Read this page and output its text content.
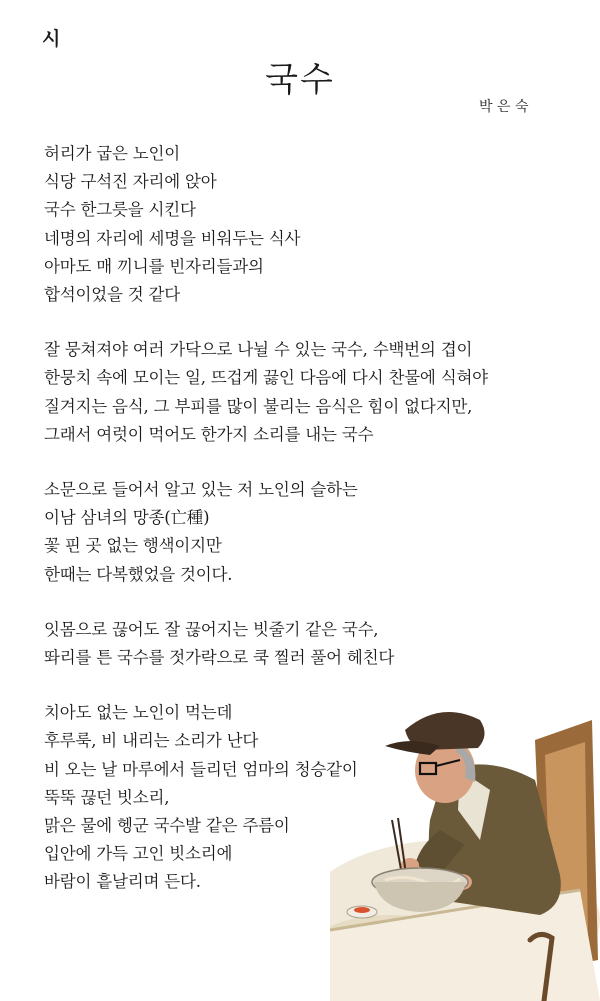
시
국수
박 은 숙
허리가 굽은 노인이
식당 구석진 자리에 앉아
국수 한그릇을 시킨다
네명의 자리에 세명을 비워두는 식사
아마도 매 끼니를 빈자리들과의
합석이었을 것 같다
잘 뭉쳐져야 여러 가닥으로 나뉠 수 있는 국수, 수백번의 겹이
한뭉치 속에 모이는 일, 뜨겁게 끓인 다음에 다시 찬물에 식혀야
질겨지는 음식, 그 부피를 많이 불리는 음식은 힘이 없다지만,
그래서 여럿이 먹어도 한가지 소리를 내는 국수
소문으로 들어서 알고 있는 저 노인의 슬하는
이남 삼녀의 망종(亡種)
꽃 핀 곳 없는 행색이지만
한때는 다복했었을 것이다.
잇몸으로 끊어도 잘 끊어지는 빗줄기 같은 국수,
똬리를 튼 국수를 젓가락으로 쿡 찔러 풀어 헤친다
치아도 없는 노인이 먹는데
후루룩, 비 내리는 소리가 난다
비 오는 날 마루에서 들리던 엄마의 청승같이
뚝뚝 끊던 빗소리,
맑은 물에 헹군 국수발 같은 주름이
입안에 가득 고인 빗소리에
바람이 흩날리며 든다.
